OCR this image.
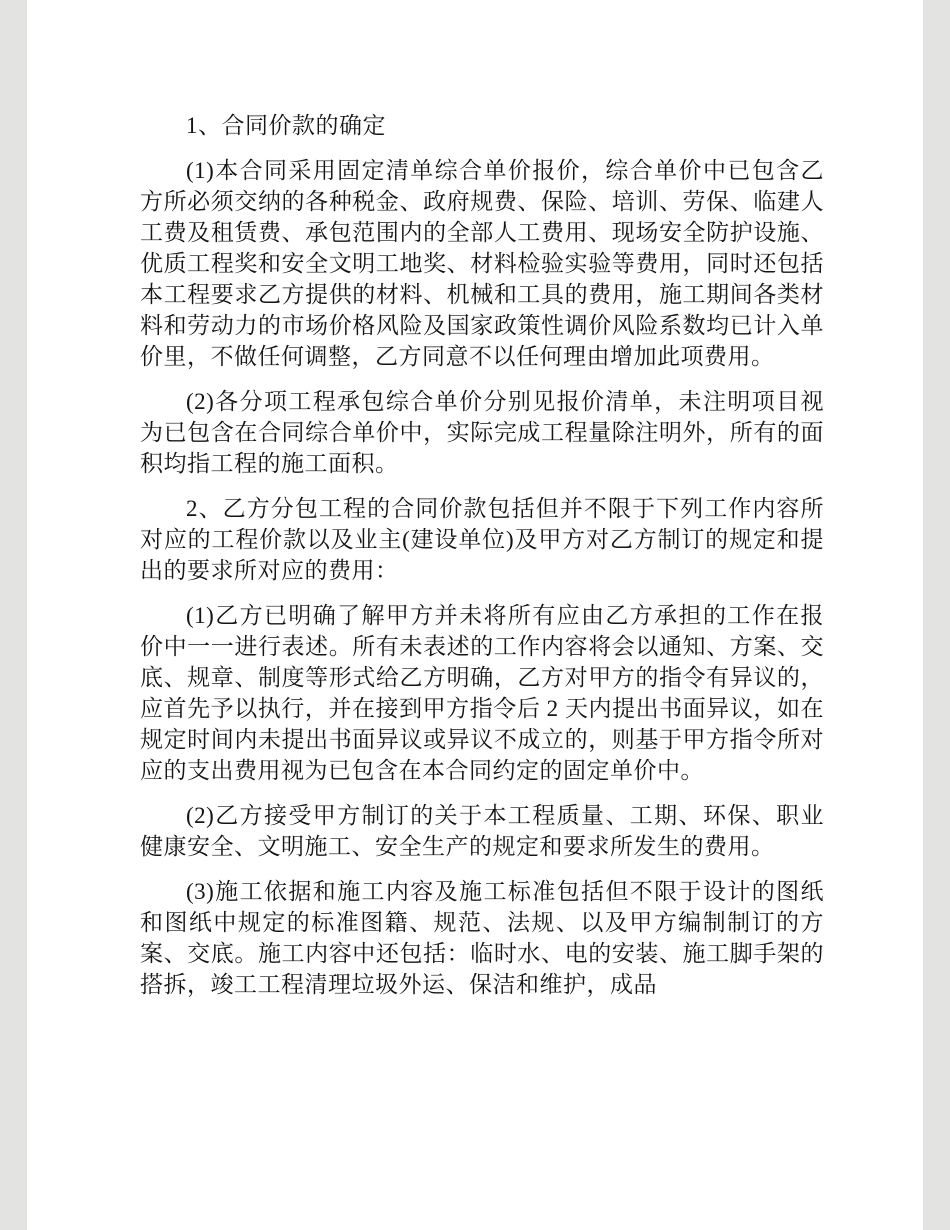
1、合同价款的确定

(1)本合同采用固定清单综合单价报价，综合单价中已包含乙方所必须交纳的各种税金、政府规费、保险、培训、劳保、临建人工费及租赁费、承包范围内的全部人工费用、现场安全防护设施、优质工程奖和安全文明工地奖、材料检验实验等费用，同时还包括本工程要求乙方提供的材料、机械和工具的费用，施工期间各类材料和劳动力的市场价格风险及国家政策性调价风险系数均已计入单价里，不做任何调整，乙方同意不以任何理由增加此项费用。

(2)各分项工程承包综合单价分别见报价清单，未注明项目视为已包含在合同综合单价中，实际完成工程量除注明外，所有的面积均指工程的施工面积。

2、乙方分包工程的合同价款包括但并不限于下列工作内容所对应的工程价款以及业主(建设单位)及甲方对乙方制订的规定和提出的要求所对应的费用：

(1)乙方已明确了解甲方并未将所有应由乙方承担的工作在报价中一一进行表述。所有未表述的工作内容将会以通知、方案、交底、规章、制度等形式给乙方明确，乙方对甲方的指令有异议的，应首先予以执行，并在接到甲方指令后 2 天内提出书面异议，如在规定时间内未提出书面异议或异议不成立的，则基于甲方指令所对应的支出费用视为已包含在本合同约定的固定单价中。

(2)乙方接受甲方制订的关于本工程质量、工期、环保、职业健康安全、文明施工、安全生产的规定和要求所发生的费用。

(3)施工依据和施工内容及施工标准包括但不限于设计的图纸和图纸中规定的标准图籍、规范、法规、以及甲方编制制订的方案、交底。施工内容中还包括：临时水、电的安装、施工脚手架的搭拆，竣工工程清理垃圾外运、保洁和维护，成品
